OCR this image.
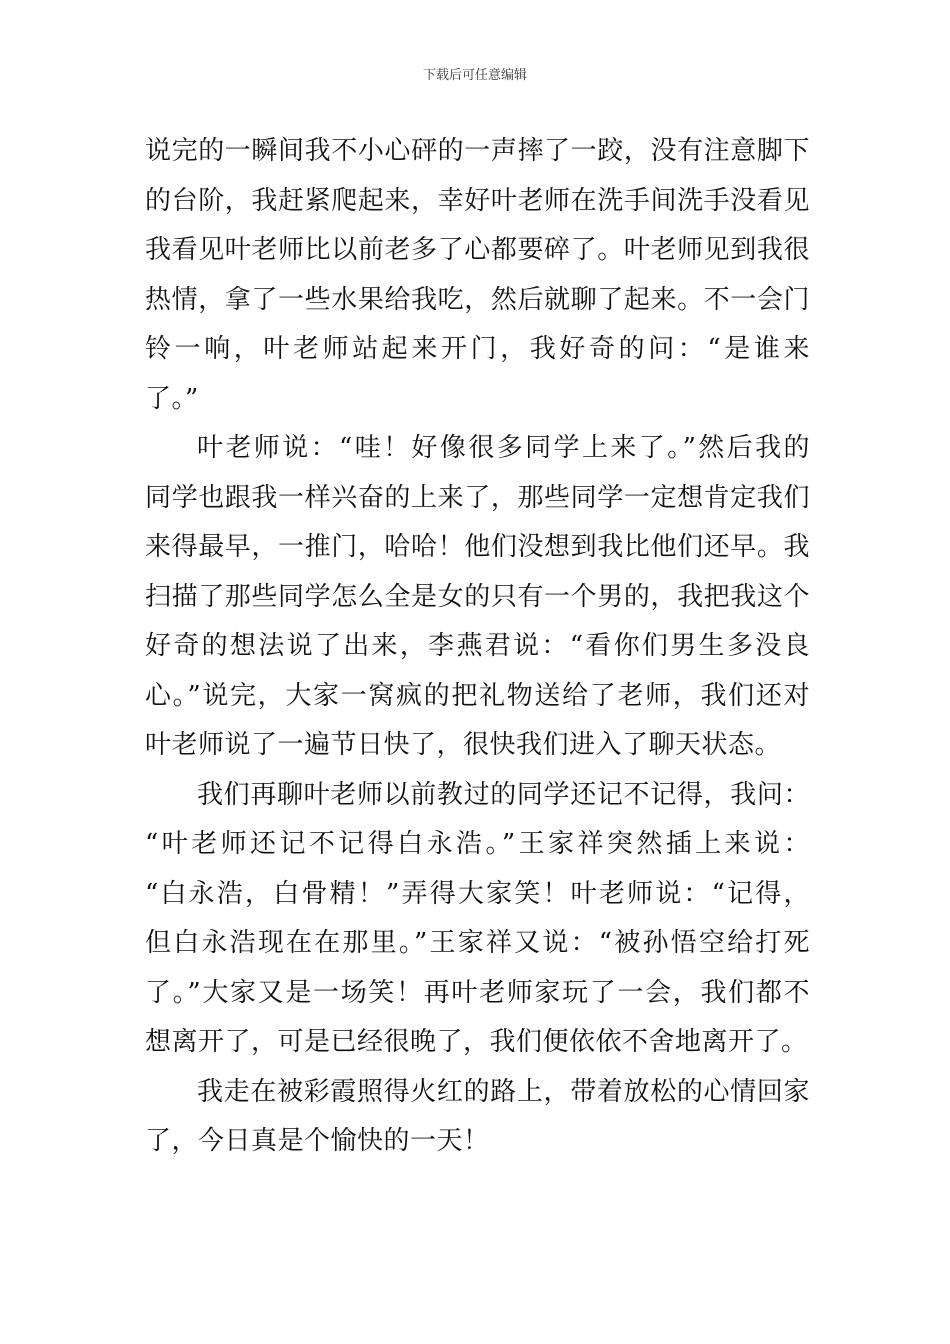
下载后可任意编辑
说完的一瞬间我不小心砰的一声摔了一跤，没有注意脚下
的台阶，我赶紧爬起来，幸好叶老师在洗手间洗手没看见
我看见叶老师比以前老多了心都要碎了。叶老师见到我很
热情，拿了一些水果给我吃，然后就聊了起来。不一会门
铃一响，叶老师站起来开门，我好奇的问：“是谁来
了。”
叶老师说：“哇！好像很多同学上来了。”然后我的
同学也跟我一样兴奋的上来了，那些同学一定想肯定我们
来得最早，一推门，哈哈！他们没想到我比他们还早。我
扫描了那些同学怎么全是女的只有一个男的，我把我这个
好奇的想法说了出来，李燕君说：“看你们男生多没良
心。”说完，大家一窝疯的把礼物送给了老师，我们还对
叶老师说了一遍节日快了，很快我们进入了聊天状态。
我们再聊叶老师以前教过的同学还记不记得，我问：
“叶老师还记不记得白永浩。”王家祥突然插上来说：
“白永浩，白骨精！”弄得大家笑！叶老师说：“记得，
但白永浩现在在那里。”王家祥又说：“被孙悟空给打死
了。”大家又是一场笑！再叶老师家玩了一会，我们都不
想离开了，可是已经很晚了，我们便依依不舍地离开了。
我走在被彩霞照得火红的路上，带着放松的心情回家
了，今日真是个愉快的一天！
